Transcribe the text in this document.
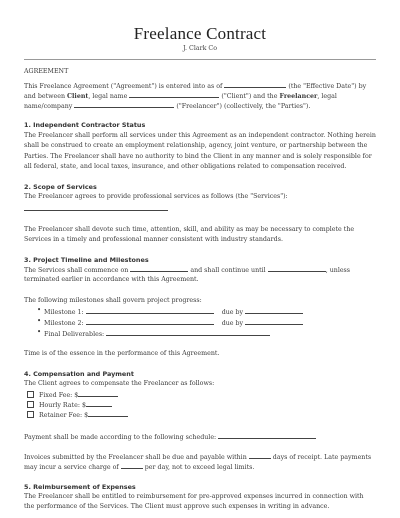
Freelance Contract
J. Clark Co
AGREEMENT
This Freelance Agreement ("Agreement") is entered into as of	(the "Effective Date") by
and between Client, legal name	("Client") and the Freelancer, legal
name/company	("Freelancer") (collectively, the "Parties").
1. Independent Contractor Status
The Freelancer shall perform all services under this Agreement as an independent contractor. Nothing herein
shall be construed to create an employment relationship, agency, joint venture, or partnership between the
Parties. The Freelancer shall have no authority to bind the Client in any manner and is solely responsible for
all federal, state, and local taxes, insurance, and other obligations related to compensation received.
2. Scope of Services
The Freelancer agrees to provide professional services as follows (the "Services"):
The Freelancer shall devote such time, attention, skill, and ability as may be necessary to complete the
Services in a timely and professional manner consistent with industry standards.
3. Project Timeline and Milestones
The Services shall commence on	and shall continue until	, unless
terminated earlier in accordance with this Agreement.
The following milestones shall govern project progress:
• Milestone 1:	due by
• Milestone 2:	due by
• Final Deliverables:
Time is of the essence in the performance of this Agreement.
4. Compensation and Payment
The Client agrees to compensate the Freelancer as follows:
Fixed Fee: $
Hourly Rate: $
Retainer Fee: $
Payment shall be made according to the following schedule:
Invoices submitted by the Freelancer shall be due and payable within	days of receipt. Late payments
may incur a service charge of	per day, not to exceed legal limits.
5. Reimbursement of Expenses
The Freelancer shall be entitled to reimbursement for pre-approved expenses incurred in connection with
the performance of the Services. The Client must approve such expenses in writing in advance.
